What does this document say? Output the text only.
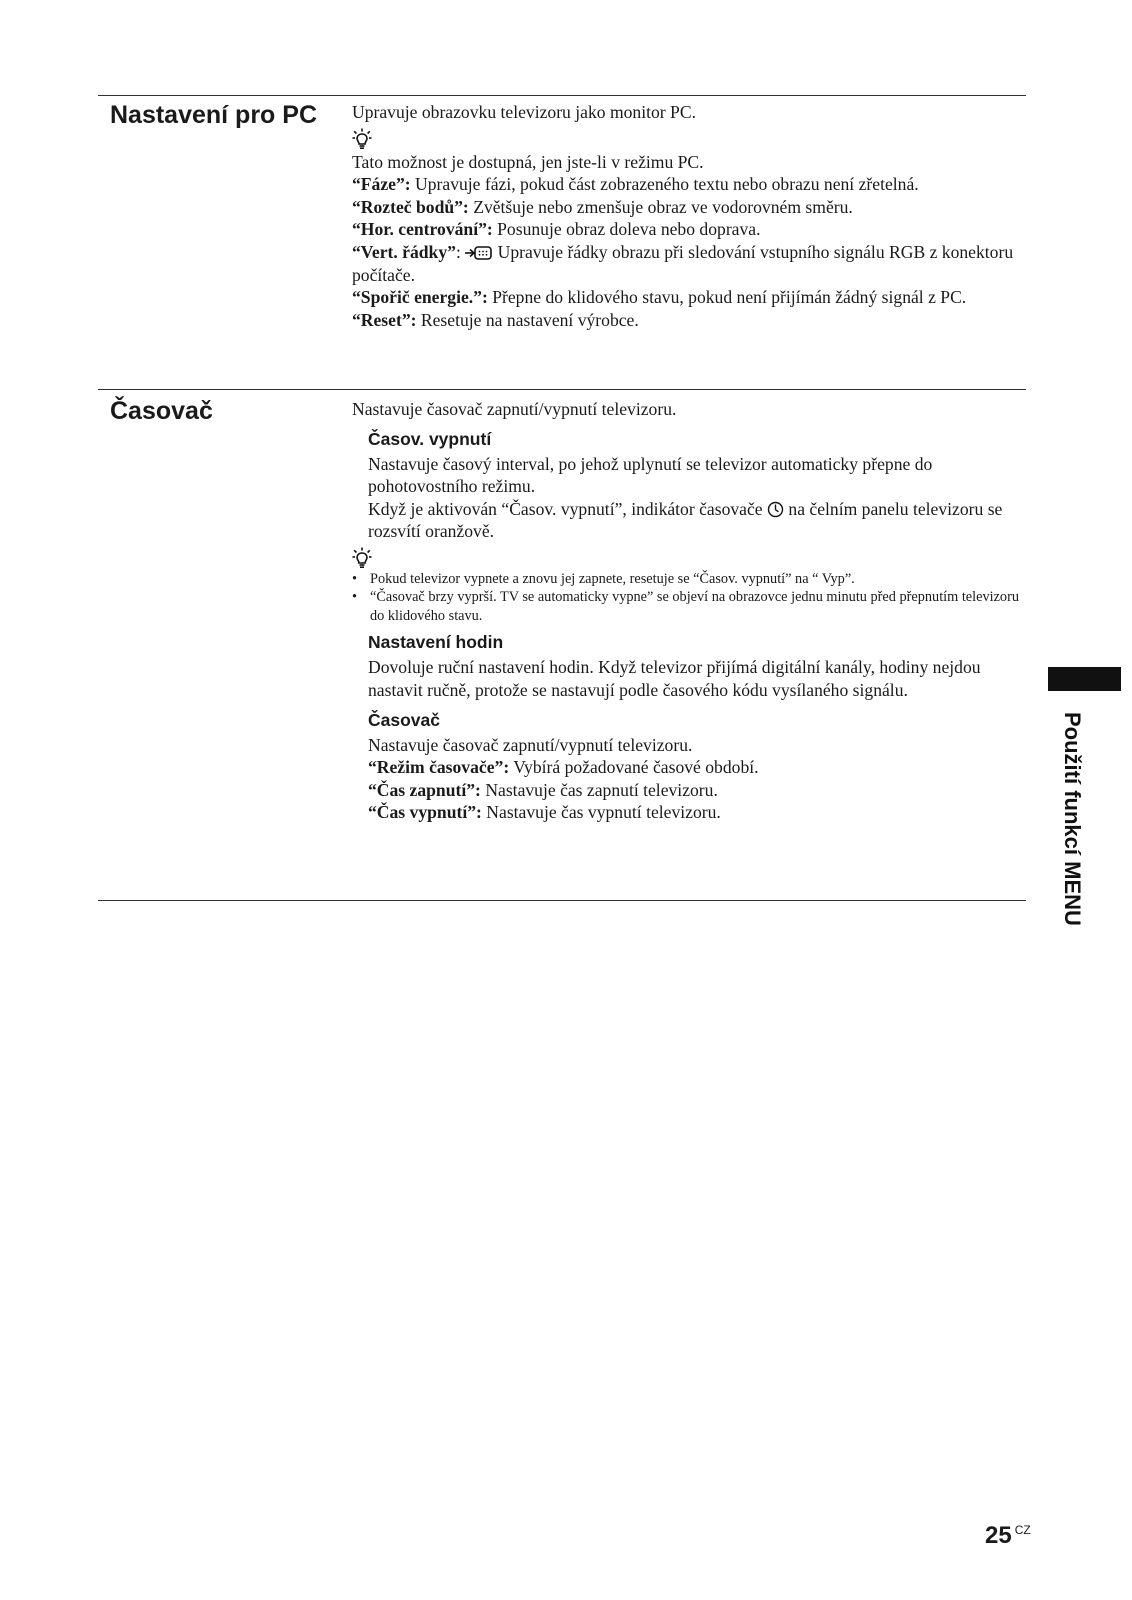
Nastavení pro PC Upravuje obrazovku televizoru jako monitor PC.

Tato možnost je dostupná, jen jste-li v režimu PC.

“Fáze”: Upravuje fázi, pokud část zobrazeného textu nebo obrazu není zřetelná.

“Rozteč bodů”: Zvětšuje nebo zmenšuje obraz ve vodorovném směru.

“Hor. centrování”: Posunuje obraz doleva nebo doprava.

“Vert. řádky”:  Upravuje řádky obrazu při sledování vstupního signálu RGB z konektoru počítače.

“Spořič energie.”: Přepne do klidového stavu, pokud není přijímán žádný signál z PC.

“Reset”: Resetuje na nastavení výrobce.

Časovač	Nastavuje časovač zapnutí/vypnutí televizoru.

Časov. vypnutí

Nastavuje časový interval, po jehož uplynutí se televizor automaticky přepne do pohotovostního režimu.

Když je aktivován “Časov. vypnutí”, indikátor časovače  na čelním panelu televizoru se rozsvítí oranžově.

• Pokud televizor vypnete a znovu jej zapnete, resetuje se “Časov. vypnutí” na “ Vyp”.
• “Časovač brzy vyprší. TV se automaticky vypne” se objeví na obrazovce jednu minutu před přepnutím televizoru do klidového stavu.
Nastavení hodin

Dovoluje ruční nastavení hodin. Když televizor přijímá digitální kanály, hodiny nejdou nastavit ručně, protože se nastavují podle časového kódu vysílaného signálu.

Časovač

Nastavuje časovač zapnutí/vypnutí televizoru.

“Režim časovače”: Vybírá požadované časové období.

“Čas zapnutí”: Nastavuje čas zapnutí televizoru.

“Čas vypnutí”: Nastavuje čas vypnutí televizoru.	Použití funkcí MENU
25 $^{CZ}$
